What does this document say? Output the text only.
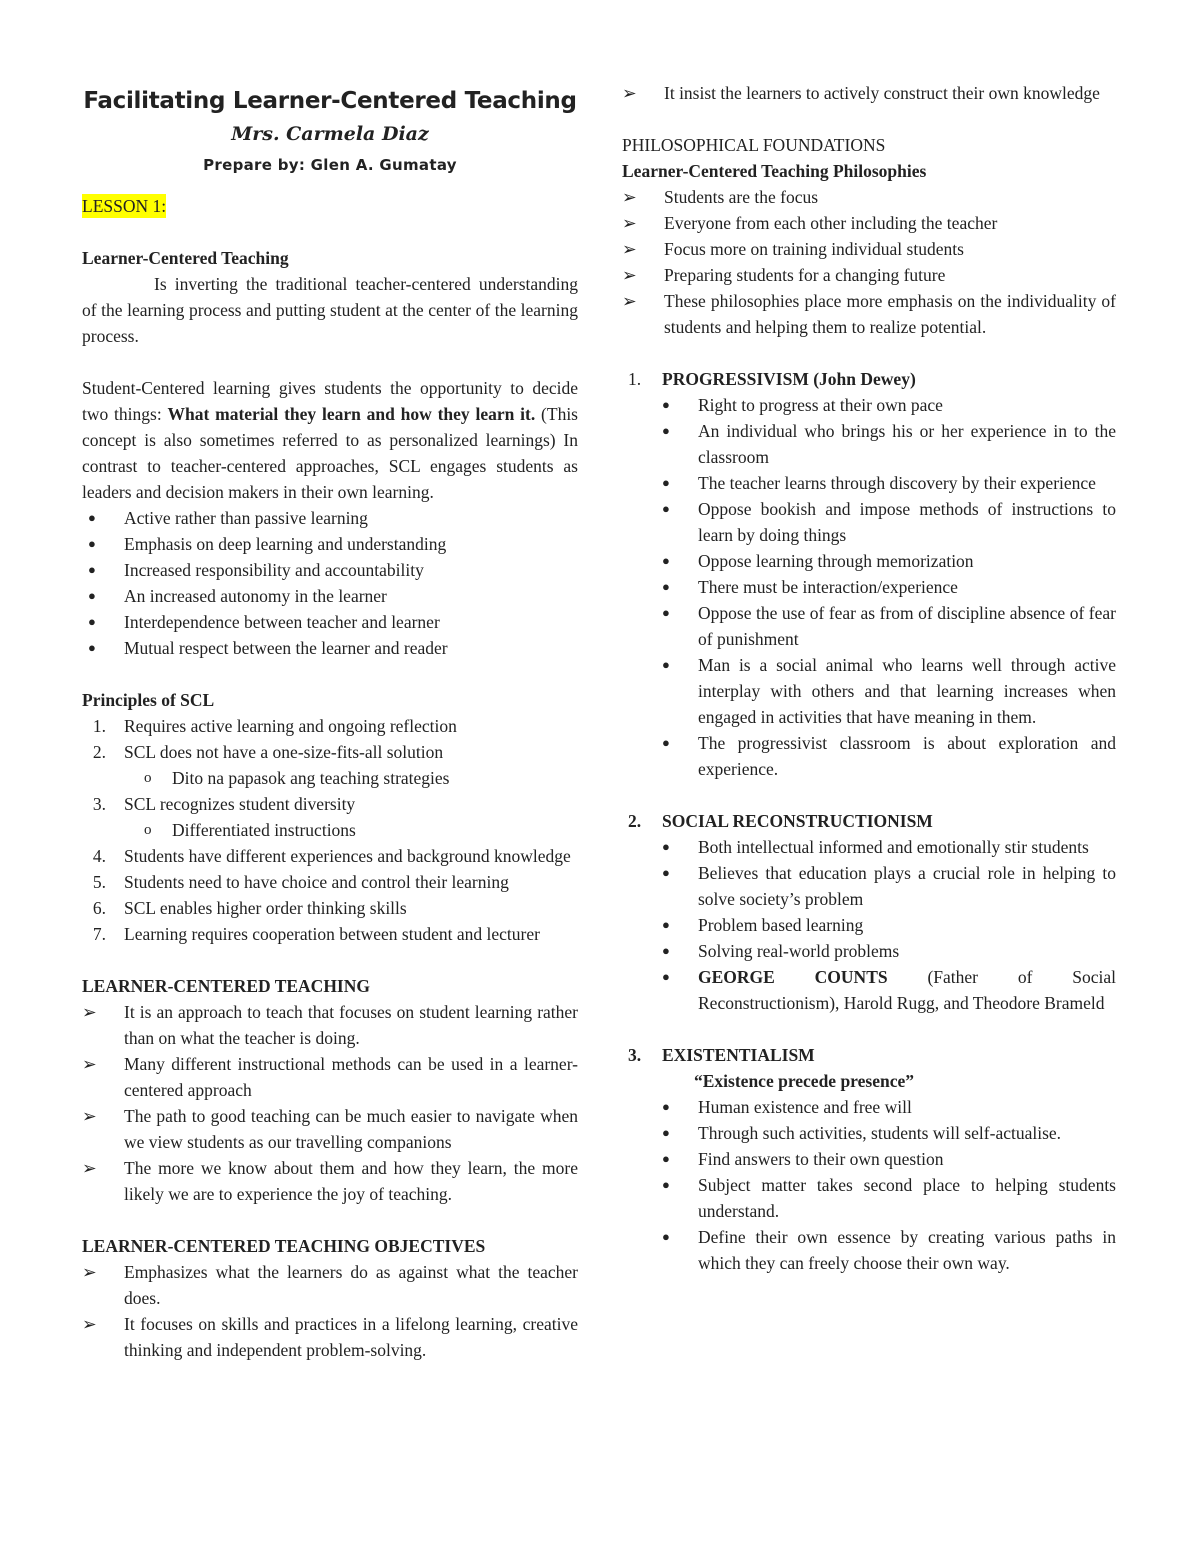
Facilitating Learner-Centered Teaching
Mrs. Carmela Diaz
Prepare by: Glen A. Gumatay

LESSON 1:

Learner-Centered Teaching

Is inverting the traditional teacher-centered understanding of the learning process and putting student at the center of the learning process.

Student-Centered learning gives students the opportunity to decide two things: What material they learn and how they learn it. (This concept is also sometimes referred to as personalized learnings) In contrast to teacher-centered approaches, SCL engages students as leaders and decision makers in their own learning.

●	Active rather than passive learning
●	Emphasis on deep learning and understanding
●	Increased responsibility and accountability
●	An increased autonomy in the learner
●	Interdependence between teacher and learner
●	Mutual respect between the learner and reader

Principles of SCL

1. Requires active learning and ongoing reflection
2. SCL does not have a one-size-fits-all solution
o	Dito na papasok ang teaching strategies
3. SCL recognizes student diversity
o	Differentiated instructions
4. Students have different experiences and background knowledge
5. Students need to have choice and control their learning
6. SCL enables higher order thinking skills
7. Learning requires cooperation between student and lecturer

LEARNER-CENTERED TEACHING

➢	It is an approach to teach that focuses on student learning rather than on what the teacher is doing.
➢	Many different instructional methods can be used in a learner-centered approach
➢	The path to good teaching can be much easier to navigate when we view students as our travelling companions
➢	The more we know about them and how they learn, the more likely we are to experience the joy of teaching.

LEARNER-CENTERED TEACHING OBJECTIVES

➢	Emphasizes what the learners do as against what the teacher does.
➢	It focuses on skills and practices in a lifelong learning, creative thinking and independent problem-solving.
➢	It insist the learners to actively construct their own knowledge

PHILOSOPHICAL FOUNDATIONS

Learner-Centered Teaching Philosophies

➢	Students are the focus
➢	Everyone from each other including the teacher
➢	Focus more on training individual students
➢	Preparing students for a changing future
➢	These philosophies place more emphasis on the individuality of students and helping them to realize potential.

1. PROGRESSIVISM (John Dewey)

● Right to progress at their own pace
● An individual who brings his or her experience in to the classroom
● The teacher learns through discovery by their experience
● Oppose bookish and impose methods of instructions to learn by doing things
● Oppose learning through memorization
● There must be interaction/experience
● Oppose the use of fear as from of discipline absence of fear of punishment
● Man is a social animal who learns well through active interplay with others and that learning increases when engaged in activities that have meaning in them.
● The progressivist classroom is about exploration and experience.

2. SOCIAL RECONSTRUCTIONISM

● Both intellectual informed and emotionally stir students
● Believes that education plays a crucial role in helping to solve society’s problem
● Problem based learning
● Solving real-world problems
● GEORGE COUNTS (Father of Social Reconstructionism), Harold Rugg, and Theodore Brameld

3. EXISTENTIALISM

“Existence precede presence”

● Human existence and free will
● Through such activities, students will self-actualise.
● Find answers to their own question
● Subject matter takes second place to helping students understand.
● Define their own essence by creating various paths in which they can freely choose their own way.
